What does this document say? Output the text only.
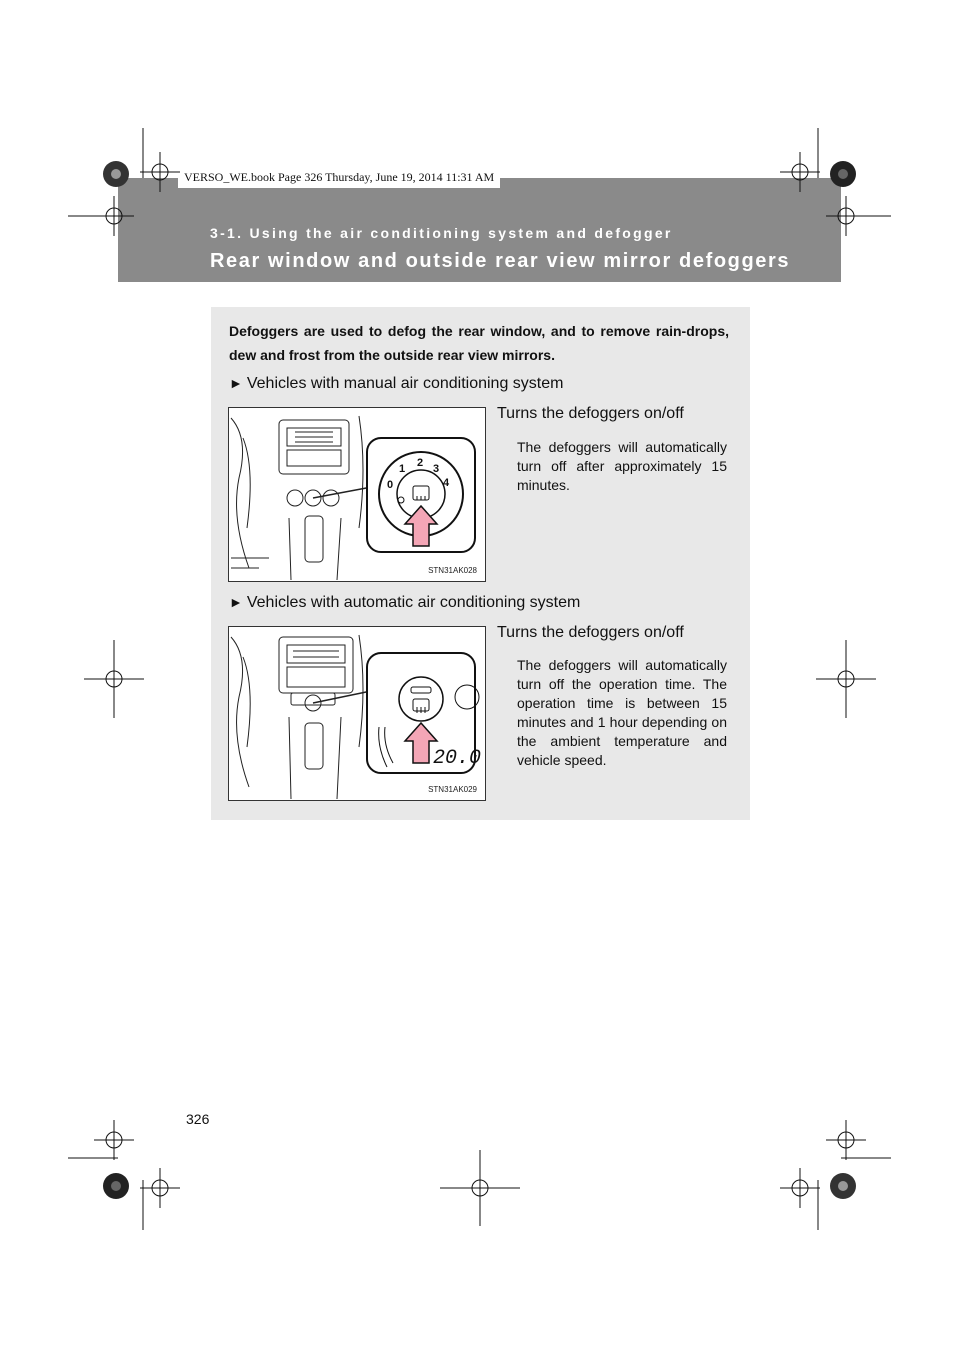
VERSO_WE.book Page 326 Thursday, June 19, 2014 11:31 AM
3-1. Using the air conditioning system and defogger
Rear window and outside rear view mirror defoggers
Defoggers are used to defog the rear window, and to remove rain-drops, dew and frost from the outside rear view mirrors.
► Vehicles with manual air conditioning system
0
1 2 3
4
STN31AK028
Turns the defoggers on/off
The defoggers will automatically turn off after approximately 15 minutes.
► Vehicles with automatic air conditioning system
20.0
STN31AK029
Turns the defoggers on/off
The defoggers will automatically turn off the operation time. The operation time is between 15 minutes and 1 hour depending on the ambient temperature and vehicle speed.
326
